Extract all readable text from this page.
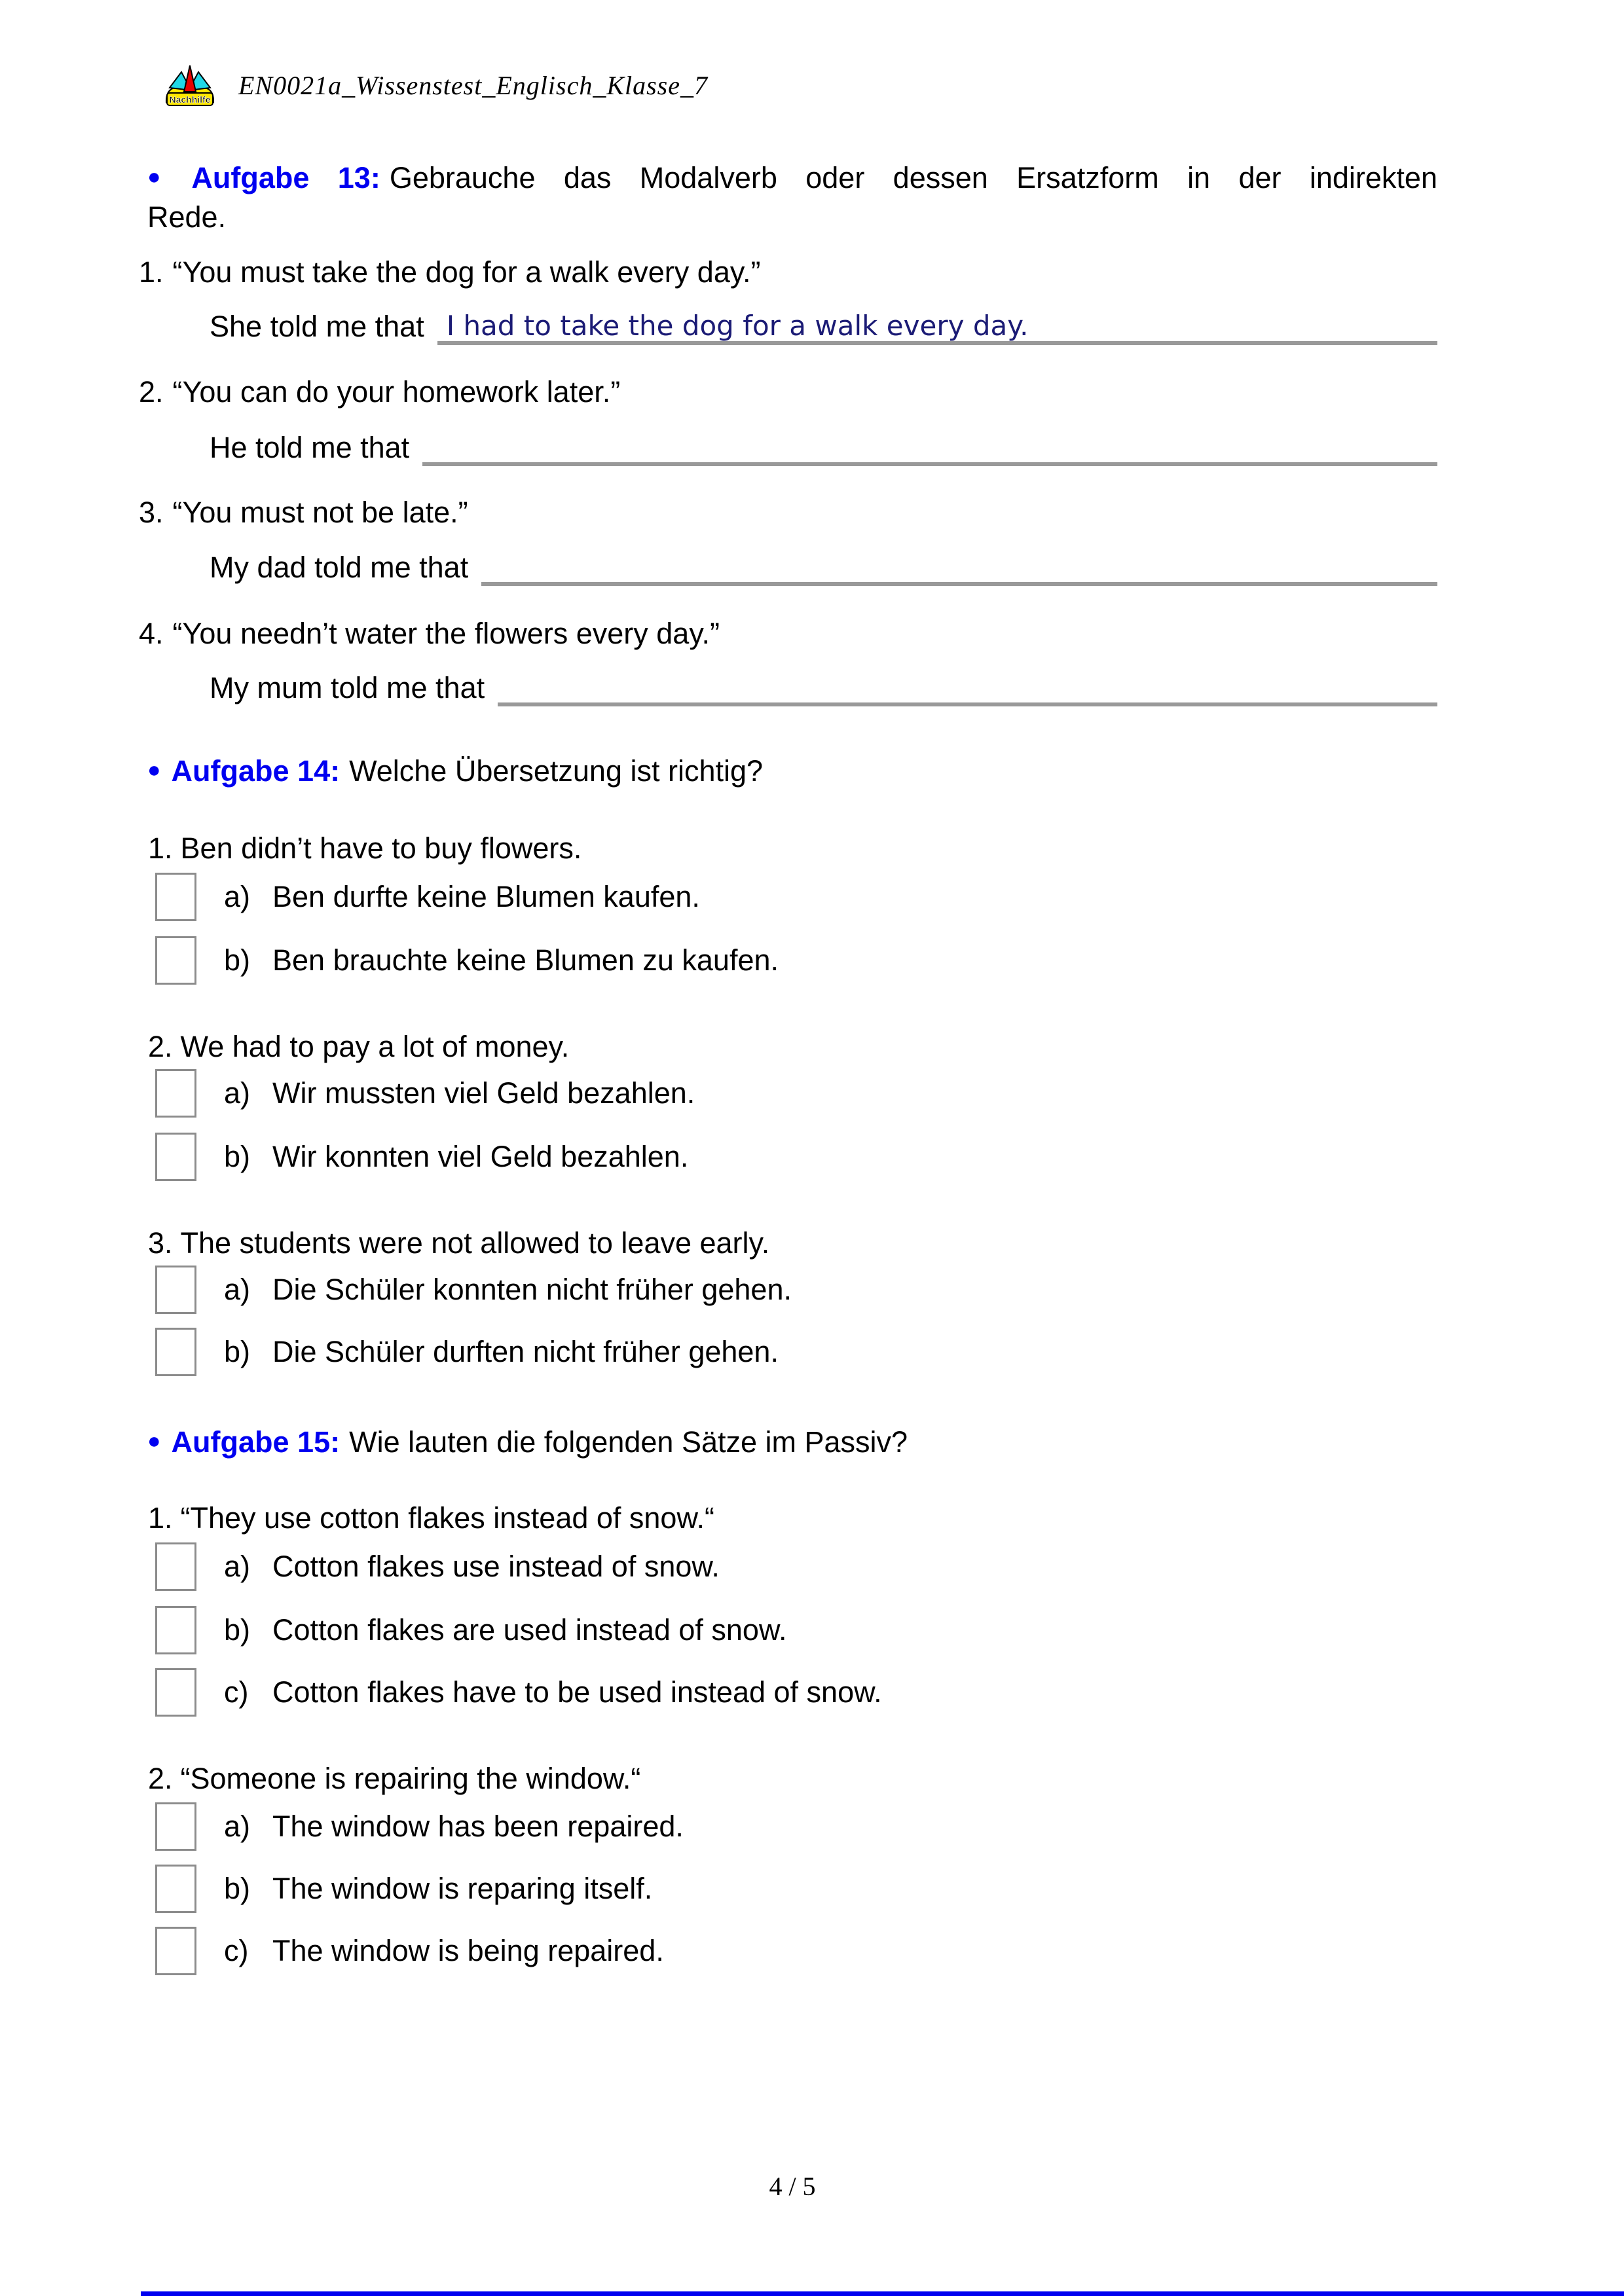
Nachhilfe EN0021a_Wissenstest_Englisch_Klasse_7
● Aufgabe 13: Gebrauche das Modalverb oder dessen Ersatzform in der indirekten
Rede.
1. “You must take the dog for a walk every day.”
She told me that I had to take the dog for a walk every day.
2. “You can do your homework later.”
He told me that
3. “You must not be late.”
My dad told me that
4. “You needn’t water the flowers every day.”
My mum told me that
● Aufgabe 14: Welche Übersetzung ist richtig?
1. Ben didn’t have to buy flowers.
a) Ben durfte keine Blumen kaufen.
b) Ben brauchte keine Blumen zu kaufen.
2. We had to pay a lot of money.
a) Wir mussten viel Geld bezahlen.
b) Wir konnten viel Geld bezahlen.
3. The students were not allowed to leave early.
a) Die Schüler konnten nicht früher gehen.
b) Die Schüler durften nicht früher gehen.
● Aufgabe 15: Wie lauten die folgenden Sätze im Passiv?
1. “They use cotton flakes instead of snow.“
a) Cotton flakes use instead of snow.
b) Cotton flakes are used instead of snow.
c) Cotton flakes have to be used instead of snow.
2. “Someone is repairing the window.“
a) The window has been repaired.
b) The window is reparing itself.
c) The window is being repaired.
4 / 5
